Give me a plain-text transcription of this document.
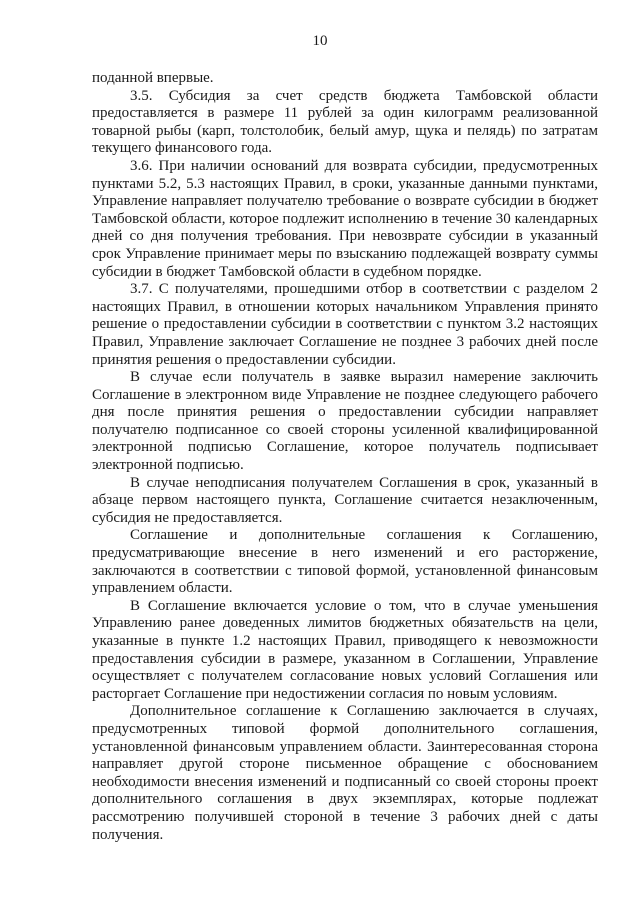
10

поданной впервые.

3.5. Субсидия за счет средств бюджета Тамбовской области предоставляется в размере 11 рублей за один килограмм реализованной товарной рыбы (карп, толстолобик, белый амур, щука и пелядь) по затратам текущего финансового года.

3.6. При наличии оснований для возврата субсидии, предусмотренных пунктами 5.2, 5.3 настоящих Правил, в сроки, указанные данными пунктами, Управление направляет получателю требование о возврате субсидии в бюджет Тамбовской области, которое подлежит исполнению в течение 30 календарных дней со дня получения требования. При невозврате субсидии в указанный срок Управление принимает меры по взысканию подлежащей возврату суммы субсидии в бюджет Тамбовской области в судебном порядке.

3.7. С получателями, прошедшими отбор в соответствии с разделом 2 настоящих Правил, в отношении которых начальником Управления принято решение о предоставлении субсидии в соответствии с пунктом 3.2 настоящих Правил, Управление заключает Соглашение не позднее 3 рабочих дней после принятия решения о предоставлении субсидии.

В случае если получатель в заявке выразил намерение заключить Соглашение в электронном виде Управление не позднее следующего рабочего дня после принятия решения о предоставлении субсидии направляет получателю подписанное со своей стороны усиленной квалифицированной электронной подписью Соглашение, которое получатель подписывает электронной подписью.

В случае неподписания получателем Соглашения в срок, указанный в абзаце первом настоящего пункта, Соглашение считается незаключенным, субсидия не предоставляется.

Соглашение и дополнительные соглашения к Соглашению, предусматривающие внесение в него изменений и его расторжение, заключаются в соответствии с типовой формой, установленной финансовым управлением области.

В Соглашение включается условие о том, что в случае уменьшения Управлению ранее доведенных лимитов бюджетных обязательств на цели, указанные в пункте 1.2 настоящих Правил, приводящего к невозможности предоставления субсидии в размере, указанном в Соглашении, Управление осуществляет с получателем согласование новых условий Соглашения или расторгает Соглашение при недостижении согласия по новым условиям.

Дополнительное соглашение к Соглашению заключается в случаях, предусмотренных типовой формой дополнительного соглашения, установленной финансовым управлением области. Заинтересованная сторона направляет другой стороне письменное обращение с обоснованием необходимости внесения изменений и подписанный со своей стороны проект дополнительного соглашения в двух экземплярах, которые подлежат рассмотрению получившей стороной в течение 3 рабочих дней с даты получения.
